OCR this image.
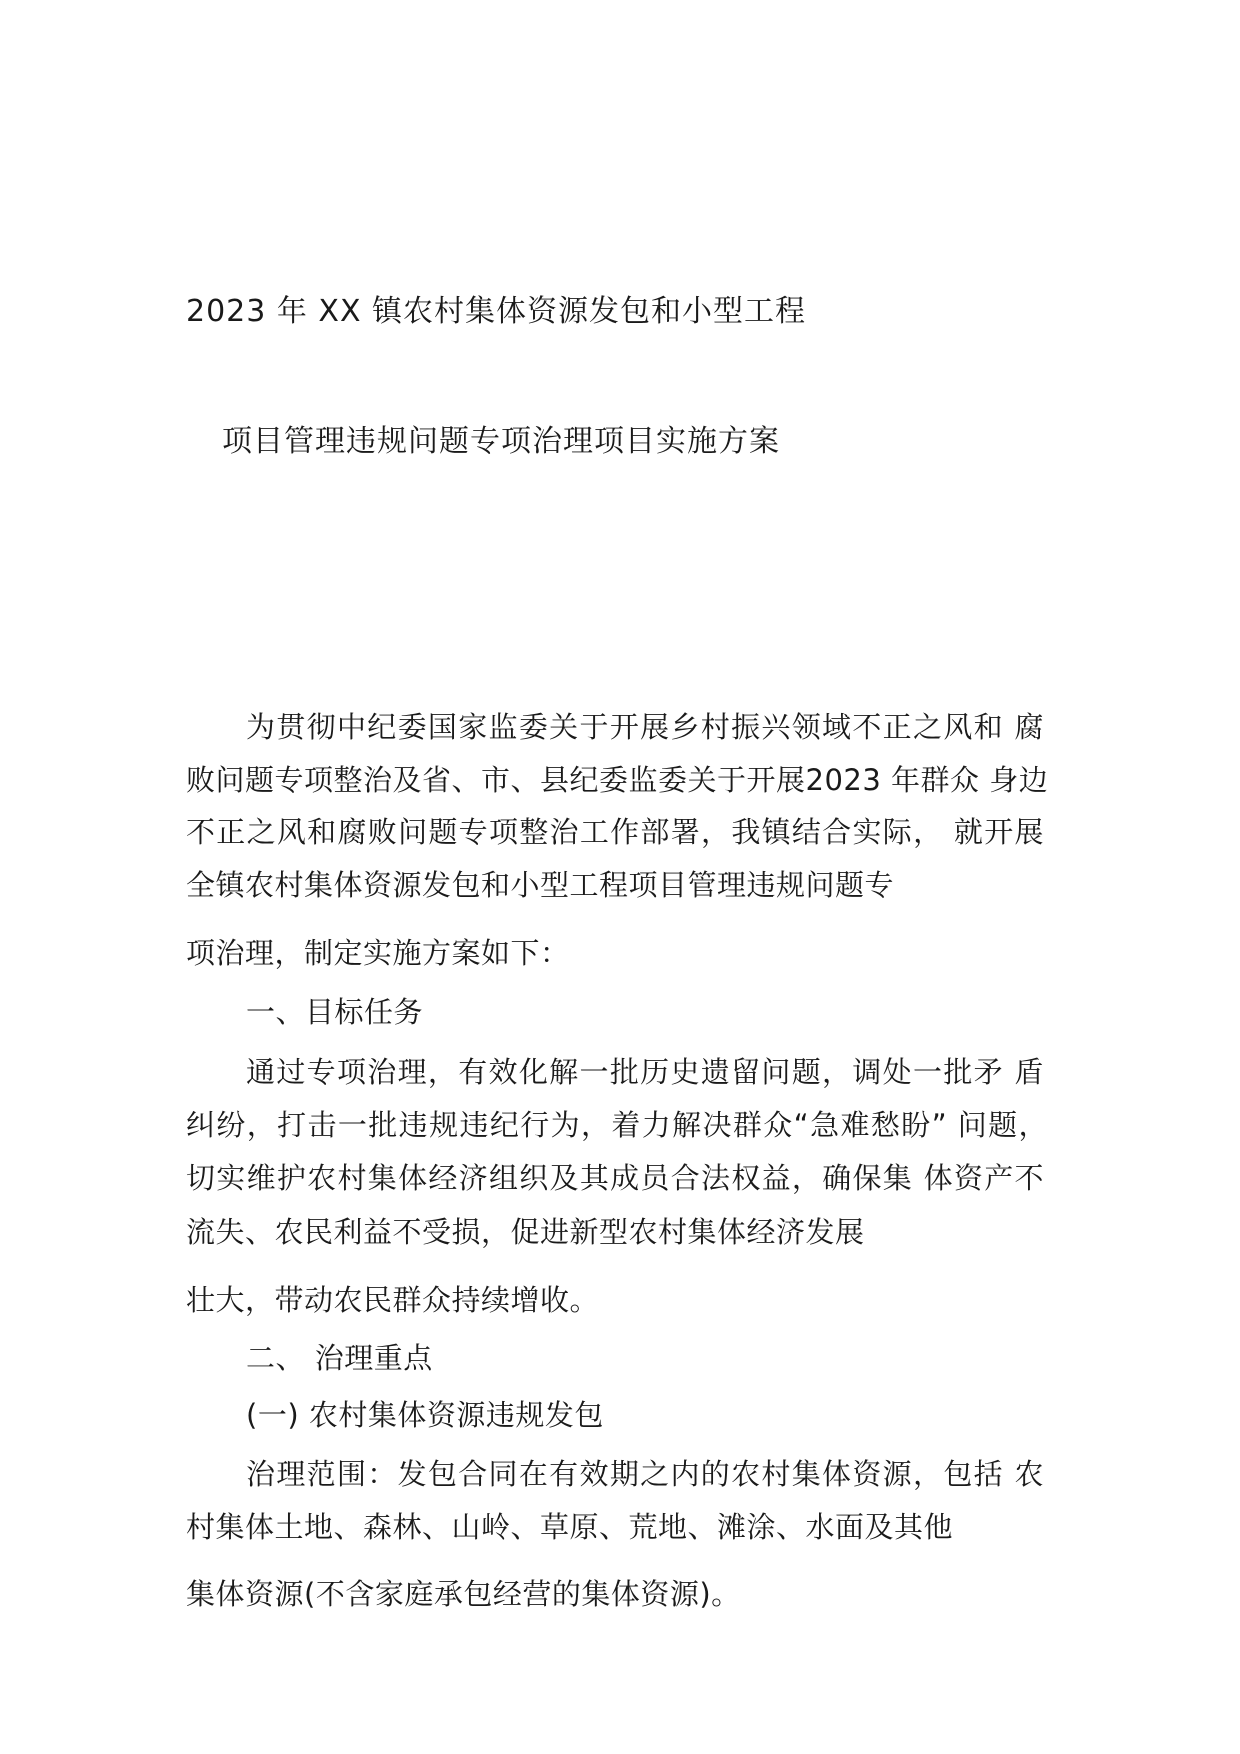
2023 年 XX 镇农村集体资源发包和小型工程
项目管理违规问题专项治理项目实施方案
为贯彻中纪委国家监委关于开展乡村振兴领域不正之风和 腐
败问题专项整治及省、市、县纪委监委关于开展2023 年群众 身边
不正之风和腐败问题专项整治工作部署，我镇结合实际， 就开展
全镇农村集体资源发包和小型工程项目管理违规问题专
项治理，制定实施方案如下：
一、目标任务
通过专项治理，有效化解一批历史遗留问题，调处一批矛 盾
纠纷，打击一批违规违纪行为，着力解决群众“急难愁盼” 问题，
切实维护农村集体经济组织及其成员合法权益，确保集 体资产不
流失、农民利益不受损，促进新型农村集体经济发展
壮大，带动农民群众持续增收。
二、 治理重点
(一) 农村集体资源违规发包
治理范围：发包合同在有效期之内的农村集体资源，包括 农
村集体土地、森林、山岭、草原、荒地、滩涂、水面及其他
集体资源(不含家庭承包经营的集体资源)。
